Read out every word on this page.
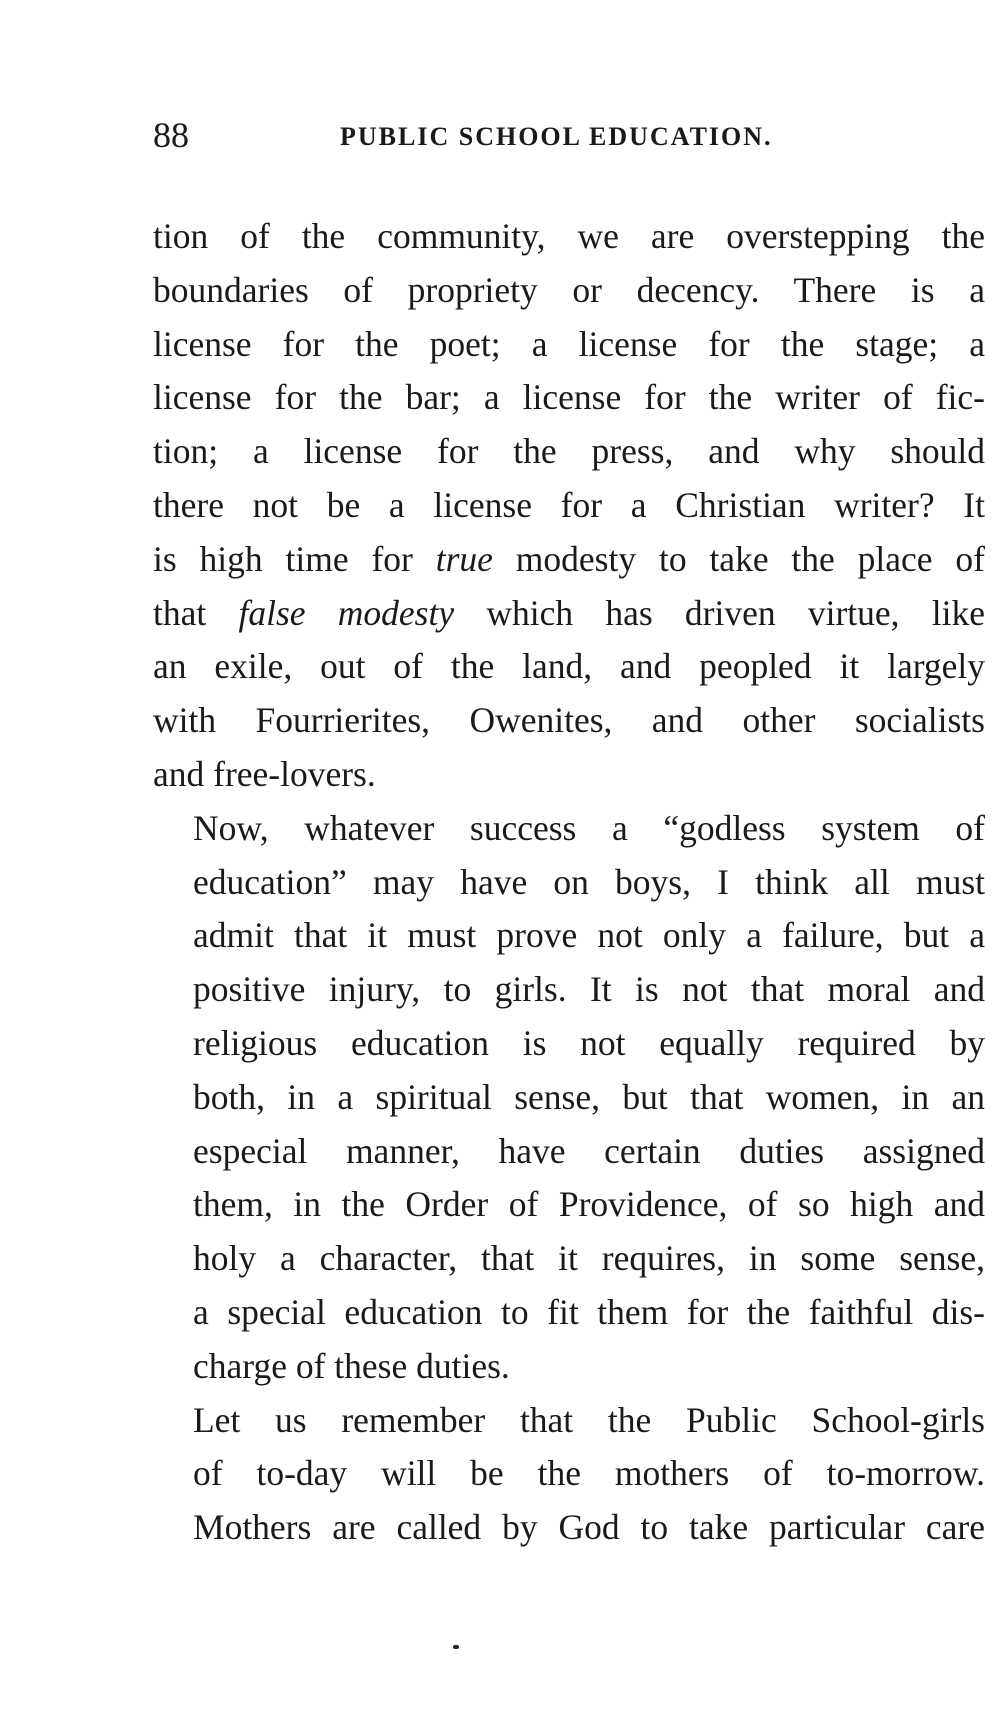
88	PUBLIC SCHOOL EDUCATION.

tion of the community, we are overstepping the
boundaries of propriety or decency. There is a
license for the poet; a license for the stage; a
license for the bar; a license for the writer of fic-
tion; a license for the press, and why should
there not be a license for a Christian writer? It
is high time for true modesty to take the place of
that false modesty which has driven virtue, like
an exile, out of the land, and peopled it largely
with Fourrierites, Owenites, and other socialists
and free-lovers.

Now, whatever success a “godless system of
education” may have on boys, I think all must
admit that it must prove not only a failure, but a
positive injury, to girls. It is not that moral and
religious education is not equally required by
both, in a spiritual sense, but that women, in an
especial manner, have certain duties assigned
them, in the Order of Providence, of so high and
holy a character, that it requires, in some sense,
a special education to fit them for the faithful dis-
charge of these duties.

Let us remember that the Public School-girls
of to-day will be the mothers of to-morrow.
Mothers are called by God to take particular care
